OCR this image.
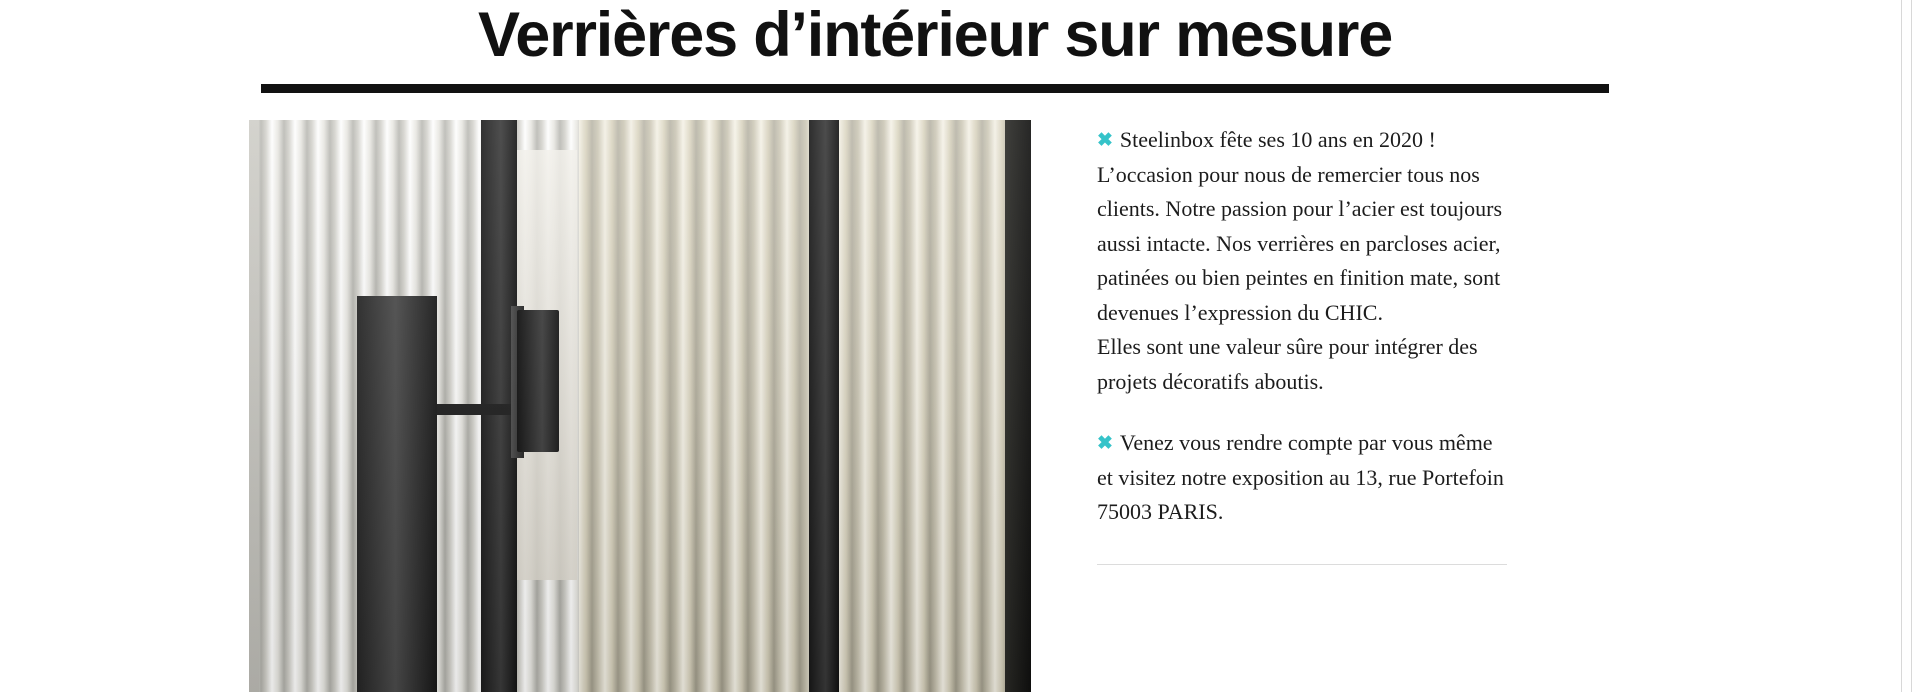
Verrières d’intérieur sur mesure

✖ Steelinbox fête ses 10 ans en 2020 !
L’occasion pour nous de remercier tous nos clients. Notre passion pour l’acier est toujours aussi intacte. Nos verrières en parcloses acier, patinées ou bien peintes en finition mate, sont devenues l’expression du CHIC.
Elles sont une valeur sûre pour intégrer des projets décoratifs aboutis.

✖ Venez vous rendre compte par vous même et visitez notre exposition au 13, rue Portefoin 75003 PARIS.
